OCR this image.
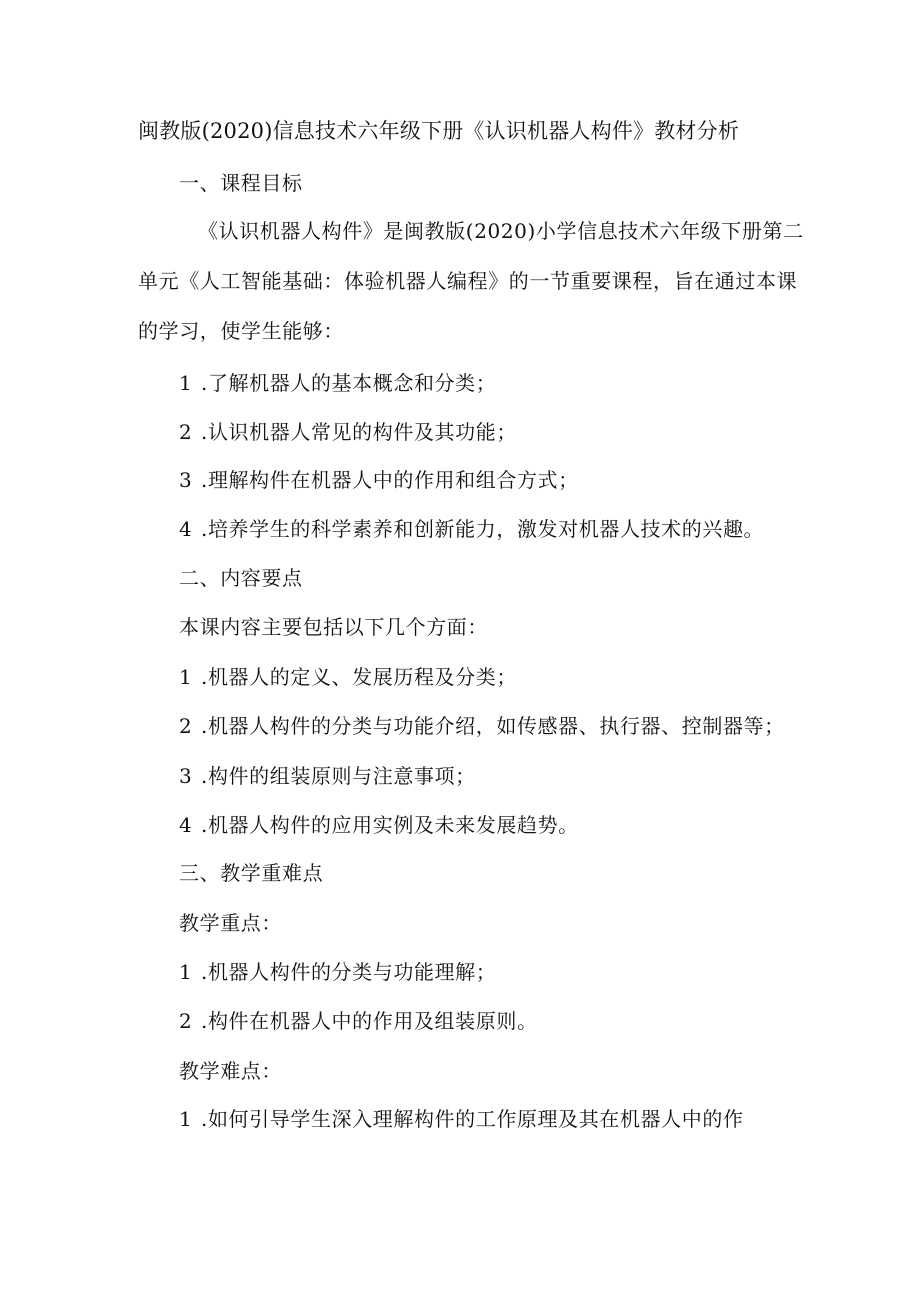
闽教版(2020)信息技术六年级下册《认识机器人构件》教材分析
一、课程目标
《认识机器人构件》是闽教版(2020)小学信息技术六年级下册第二
单元《人工智能基础：体验机器人编程》的一节重要课程，旨在通过本课
的学习，使学生能够：
1 .了解机器人的基本概念和分类；
2 .认识机器人常见的构件及其功能；
3 .理解构件在机器人中的作用和组合方式；
4 .培养学生的科学素养和创新能力，激发对机器人技术的兴趣。
二、内容要点
本课内容主要包括以下几个方面：
1 .机器人的定义、发展历程及分类；
2 .机器人构件的分类与功能介绍，如传感器、执行器、控制器等；
3 .构件的组装原则与注意事项；
4 .机器人构件的应用实例及未来发展趋势。
三、教学重难点
教学重点：
1 .机器人构件的分类与功能理解；
2 .构件在机器人中的作用及组装原则。
教学难点：
1 .如何引导学生深入理解构件的工作原理及其在机器人中的作
